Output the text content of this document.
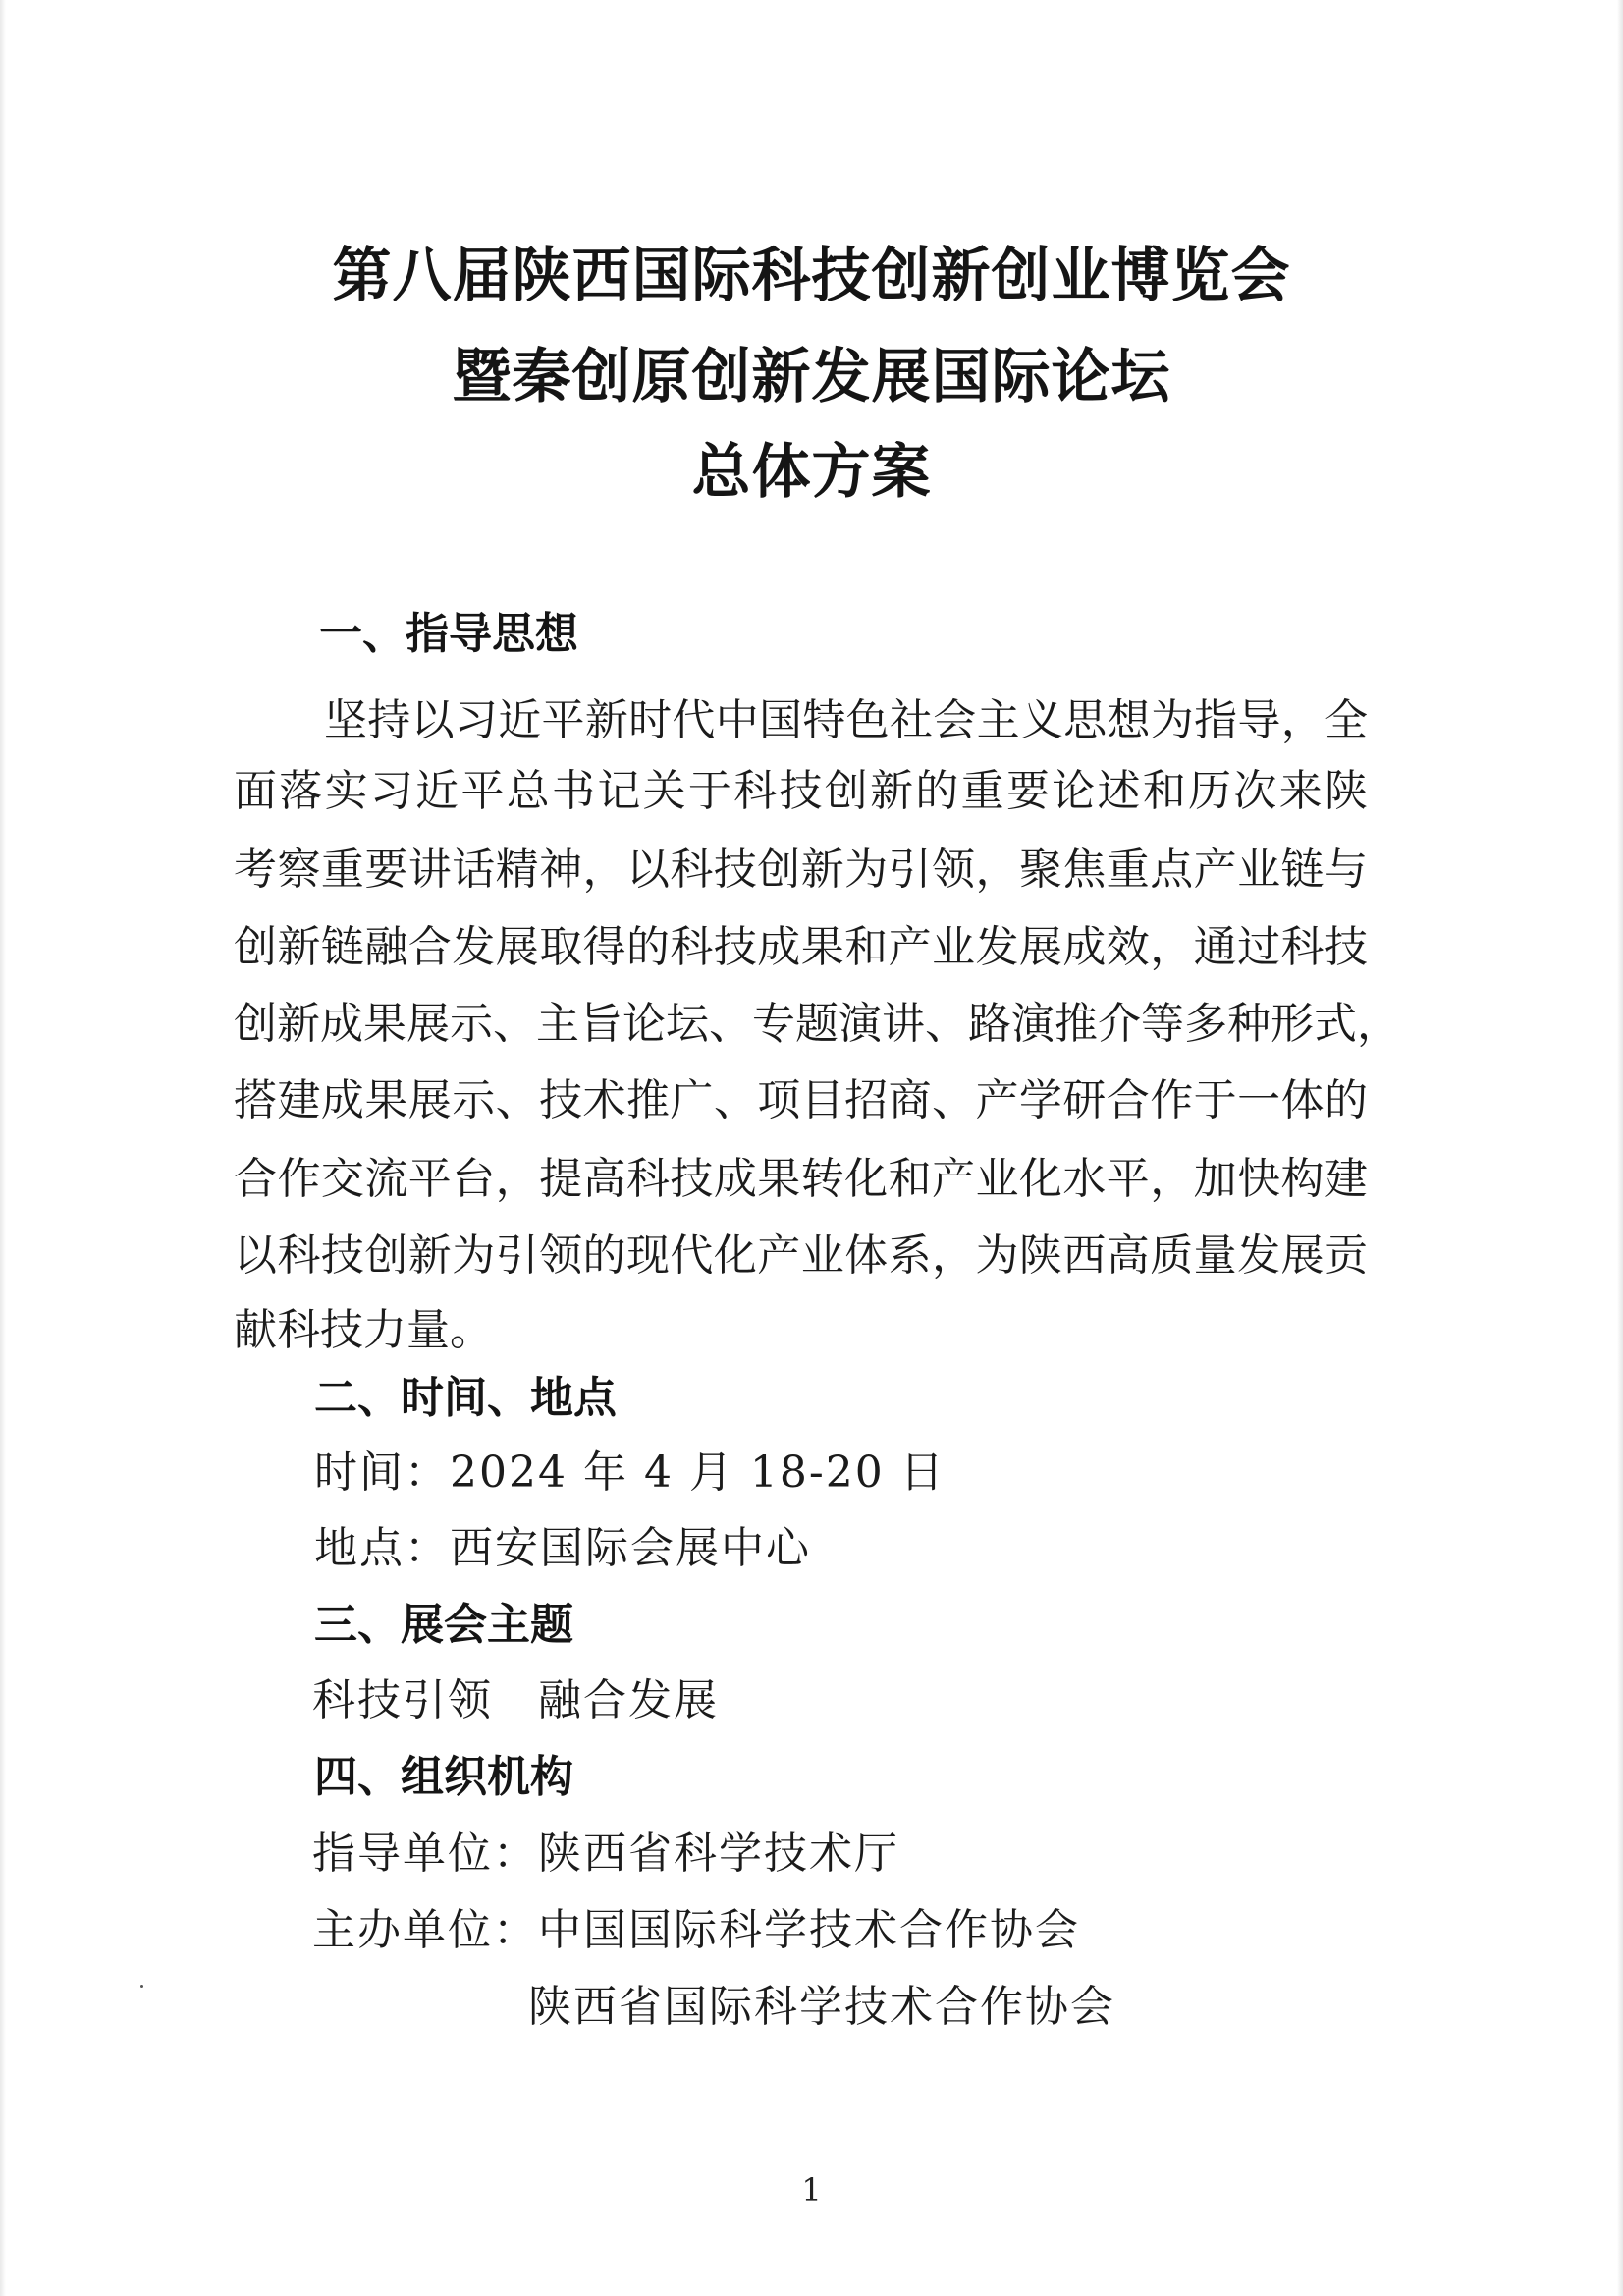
第八届陕西国际科技创新创业博览会
暨秦创原创新发展国际论坛
总体方案
一、指导思想
坚持以习近平新时代中国特色社会主义思想为指导，全
面落实习近平总书记关于科技创新的重要论述和历次来陕
考察重要讲话精神，以科技创新为引领，聚焦重点产业链与
创新链融合发展取得的科技成果和产业发展成效，通过科技
创新成果展示、主旨论坛、专题演讲、路演推介等多种形式，
搭建成果展示、技术推广、项目招商、产学研合作于一体的
合作交流平台，提高科技成果转化和产业化水平，加快构建
以科技创新为引领的现代化产业体系，为陕西高质量发展贡
献科技力量。
二、时间、地点
时间：2024 年 4 月 18-20 日
地点：西安国际会展中心
三、展会主题
科技引领　融合发展
四、组织机构
指导单位：陕西省科学技术厅
主办单位：中国国际科学技术合作协会
陕西省国际科学技术合作协会
1
